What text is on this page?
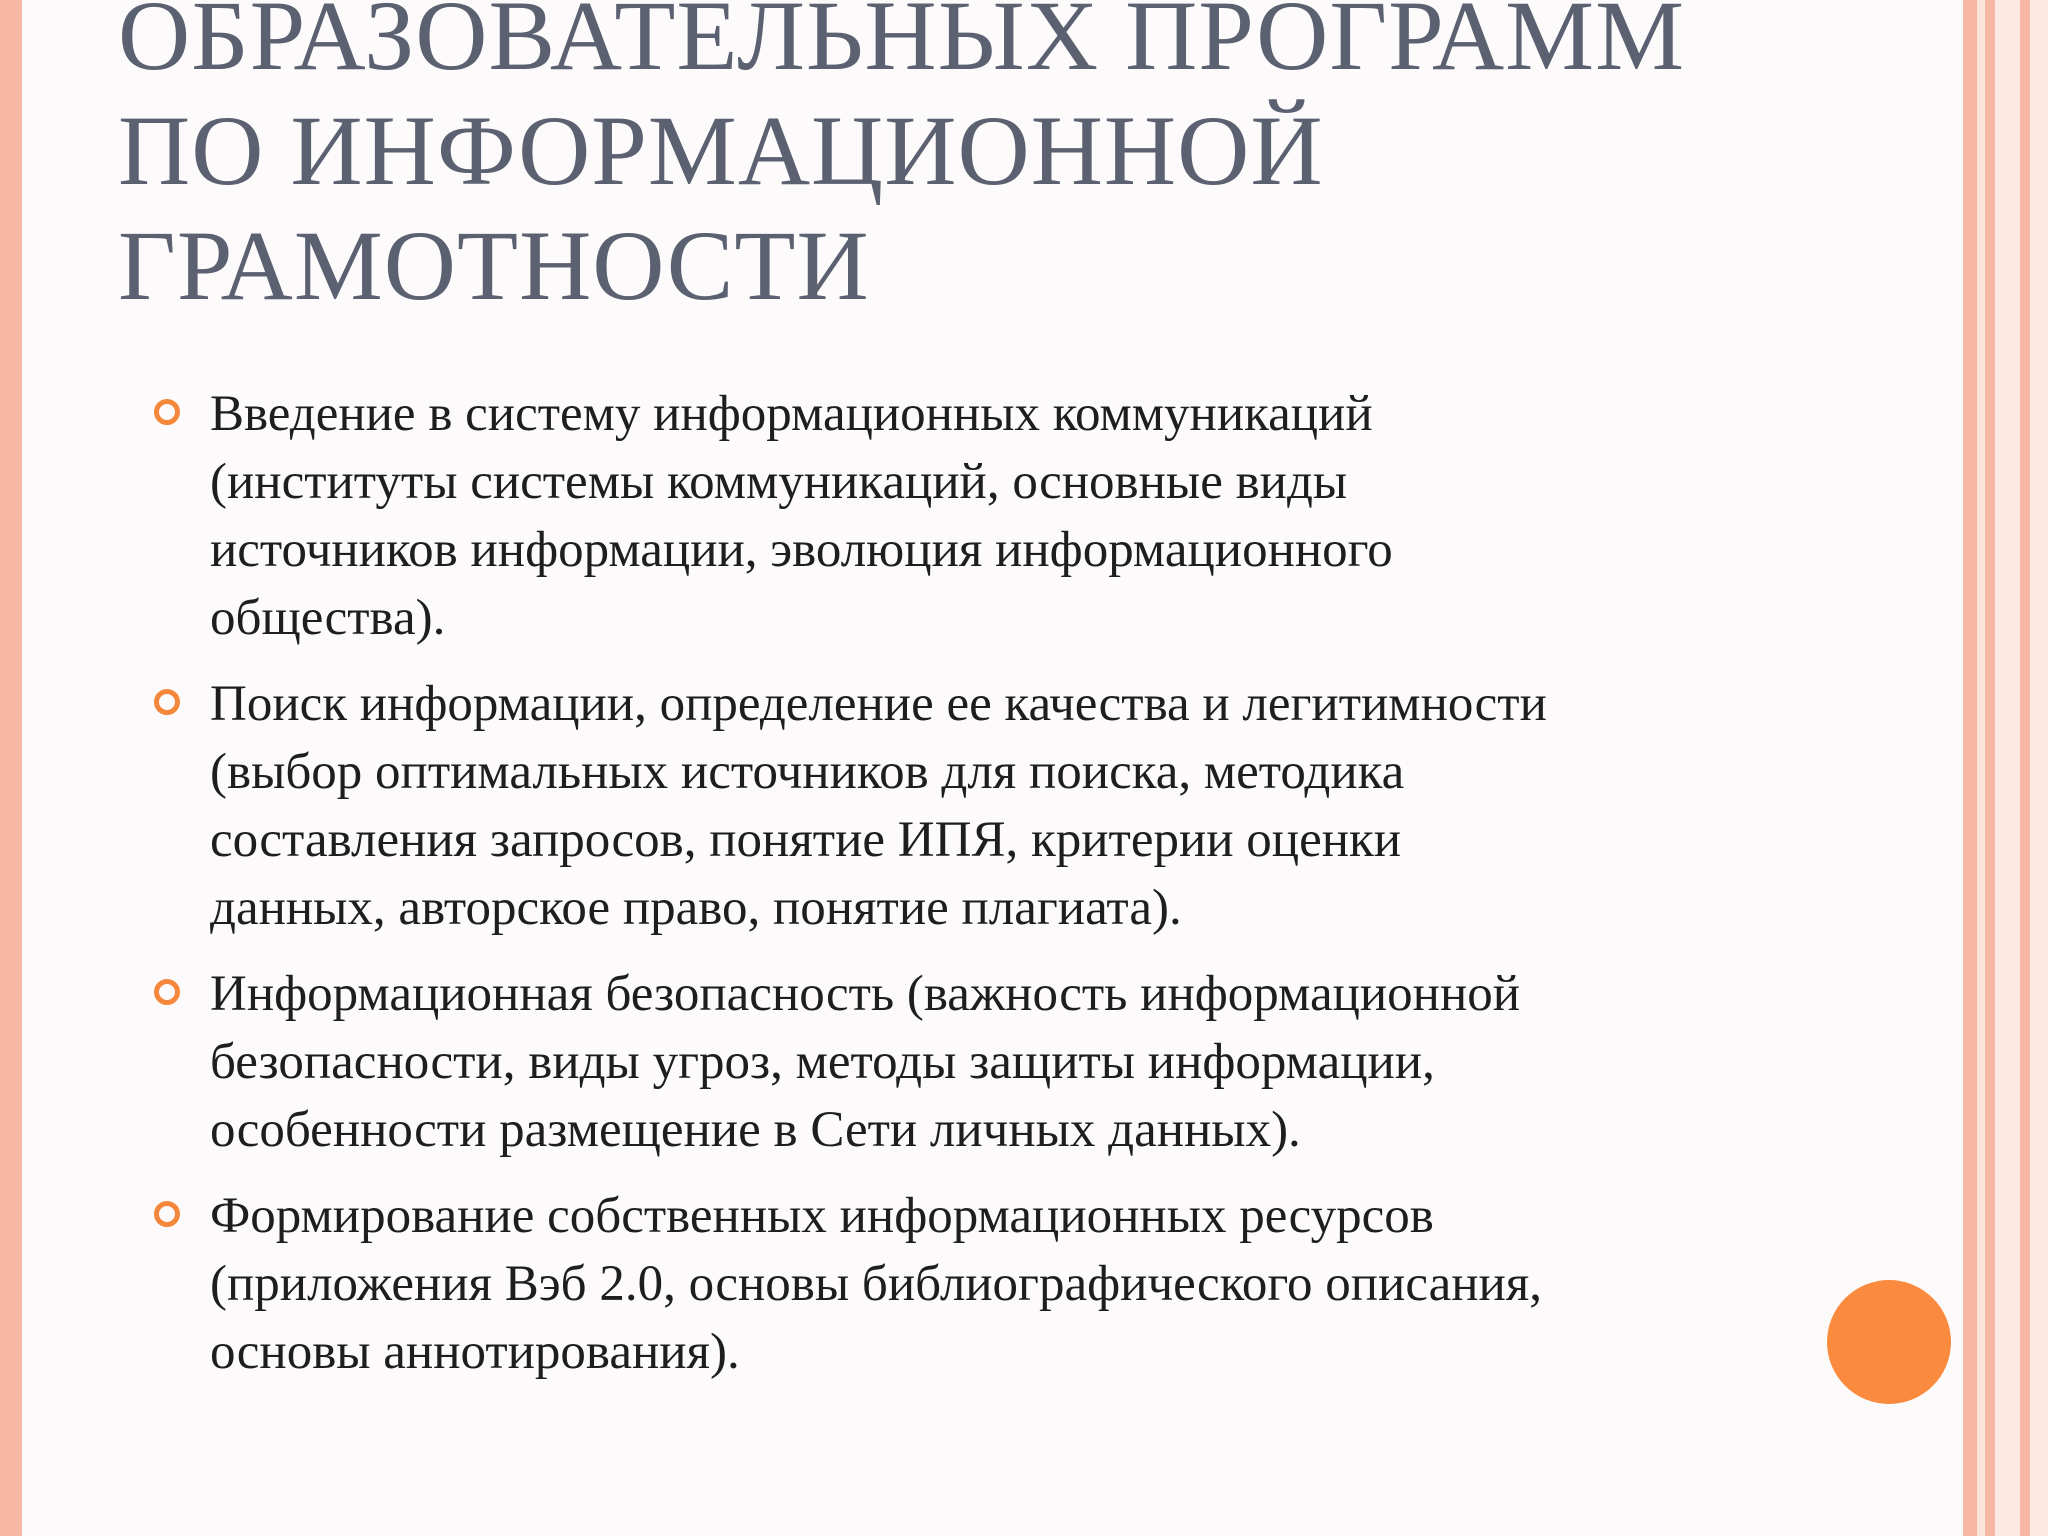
ОБРАЗОВАТЕЛЬНЫХ ПРОГРАММ
ПО ИНФОРМАЦИОННОЙ
ГРАМОТНОСТИ
Введение в систему информационных коммуникаций
(институты системы коммуникаций, основные виды
источников информации, эволюция информационного
общества).
Поиск информации, определение ее качества и легитимности
(выбор оптимальных источников для поиска, методика
составления запросов, понятие ИПЯ, критерии оценки
данных, авторское право, понятие плагиата).
Информационная безопасность (важность информационной
безопасности, виды угроз, методы защиты информации,
особенности размещение в Сети личных данных).
Формирование собственных информационных ресурсов
(приложения Вэб 2.0, основы библиографического описания,
основы аннотирования).
